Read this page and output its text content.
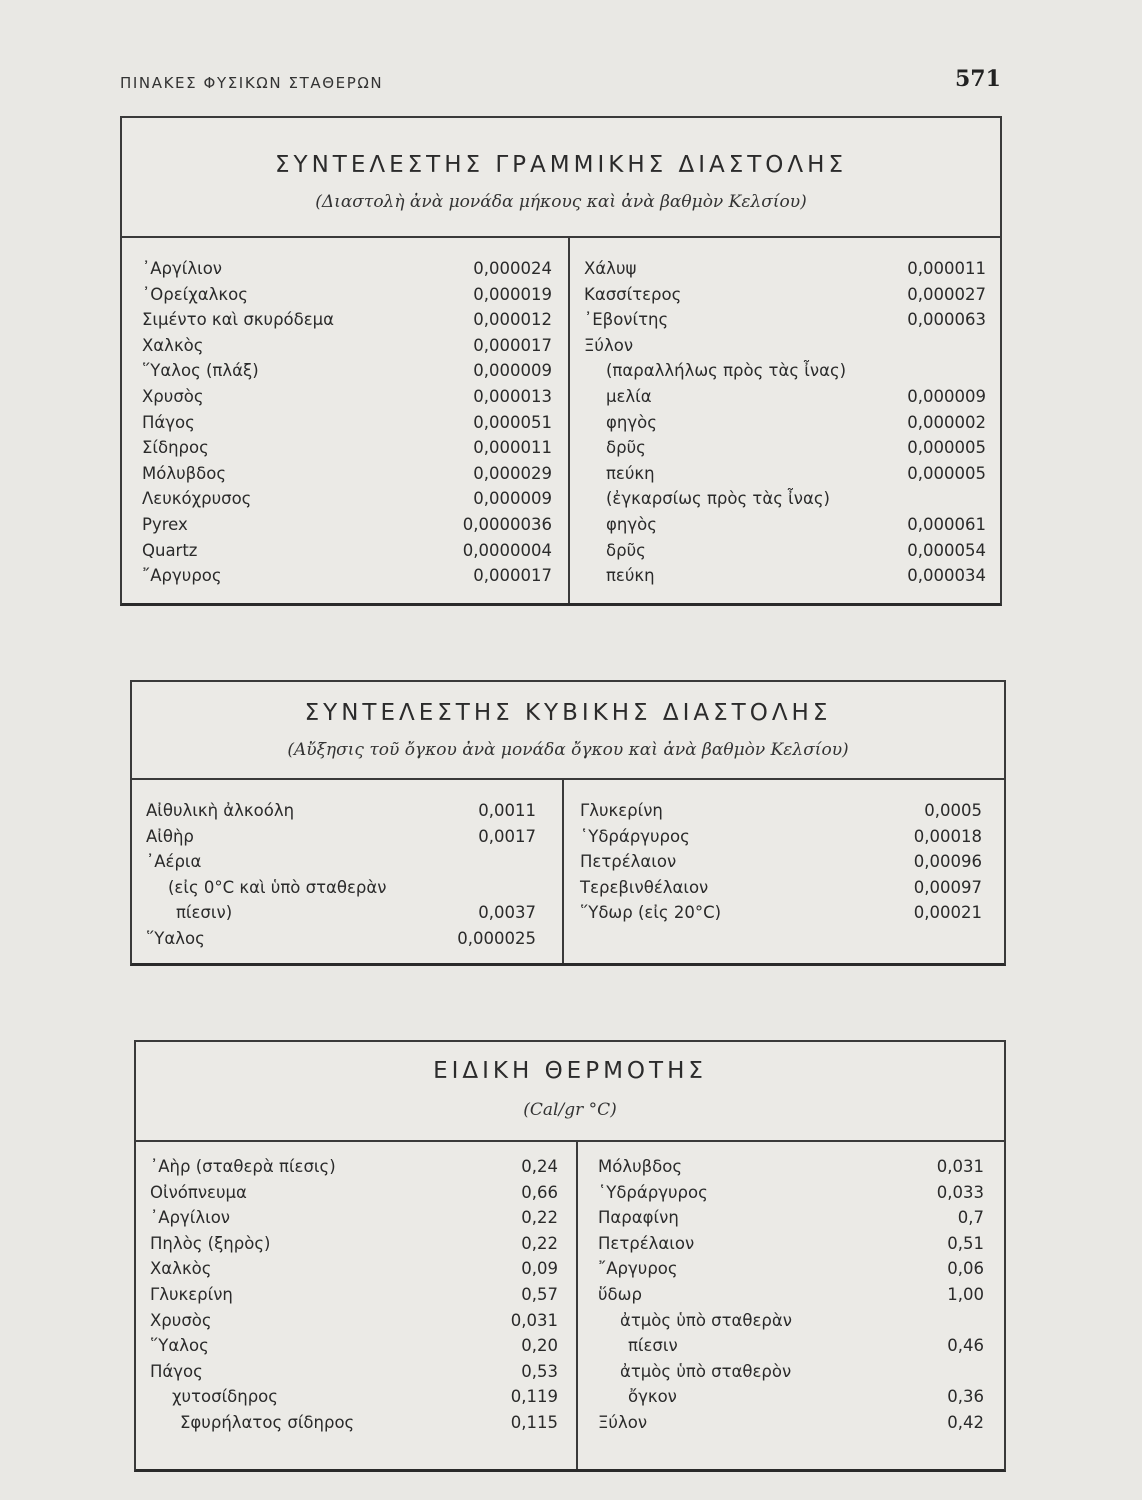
ΠΙΝΑΚΕΣ ΦΥΣΙΚΩΝ ΣΤΑΘΕΡΩΝ	571
ΣΥΝΤΕΛΕΣΤΗΣ ΓΡΑΜΜΙΚΗΣ ΔΙΑΣΤΟΛΗΣ
(Διαστολὴ ἀνὰ μονάδα μήκους καὶ ἀνὰ βαθμὸν Κελσίου)
᾿Αργίλιον	0,000024
᾿Ορείχαλκος	0,000019
Σιμέντο καὶ σκυρόδεμα	0,000012
Χαλκὸς	0,000017
῞Υαλος (πλάξ)	0,000009
Χρυσὸς	0,000013
Πάγος	0,000051
Σίδηρος	0,000011
Μόλυβδος	0,000029
Λευκόχρυσος	0,000009
Pyrex	0,0000036
Quartz	0,0000004
῎Αργυρος	0,000017
Χάλυψ	0,000011
Κασσίτερος	0,000027
᾿Εβονίτης	0,000063
Ξύλον
(παραλλήλως πρὸς τὰς ἶνας)
μελία	0,000009
φηγὸς	0,000002
δρῦς	0,000005
πεύκη	0,000005
(ἐγκαρσίως πρὸς τὰς ἶνας)
φηγὸς	0,000061
δρῦς	0,000054
πεύκη	0,000034
ΣΥΝΤΕΛΕΣΤΗΣ ΚΥΒΙΚΗΣ ΔΙΑΣΤΟΛΗΣ
(Αὔξησις τοῦ ὄγκου ἀνὰ μονάδα ὄγκου καὶ ἀνὰ βαθμὸν Κελσίου)
Αἰθυλικὴ ἀλκοόλη	0,0011
Αἰθὴρ	0,0017
᾿Αέρια
(εἰς 0°C καὶ ὑπὸ σταθερὰν
πίεσιν)	0,0037
῞Υαλος	0,000025
Γλυκερίνη	0,0005
῾Υδράργυρος	0,00018
Πετρέλαιον	0,00096
Τερεβινθέλαιον	0,00097
῞Υδωρ (εἰς 20°C)	0,00021
ΕΙΔΙΚΗ ΘΕΡΜΟΤΗΣ
(Cal/gr °C)
᾿Αὴρ (σταθερὰ πίεσις)	0,24
Οἰνόπνευμα	0,66
᾿Αργίλιον	0,22
Πηλὸς (ξηρὸς)	0,22
Χαλκὸς	0,09
Γλυκερίνη	0,57
Χρυσὸς	0,031
῞Υαλος	0,20
Πάγος	0,53
χυτοσίδηρος	0,119
Σφυρήλατος σίδηρος	0,115
Μόλυβδος	0,031
῾Υδράργυρος	0,033
Παραφίνη	0,7
Πετρέλαιον	0,51
῎Αργυρος	0,06
ὕδωρ	1,00
ἀτμὸς ὑπὸ σταθερὰν
πίεσιν	0,46
ἀτμὸς ὑπὸ σταθερὸν
ὄγκον	0,36
Ξύλον	0,42
